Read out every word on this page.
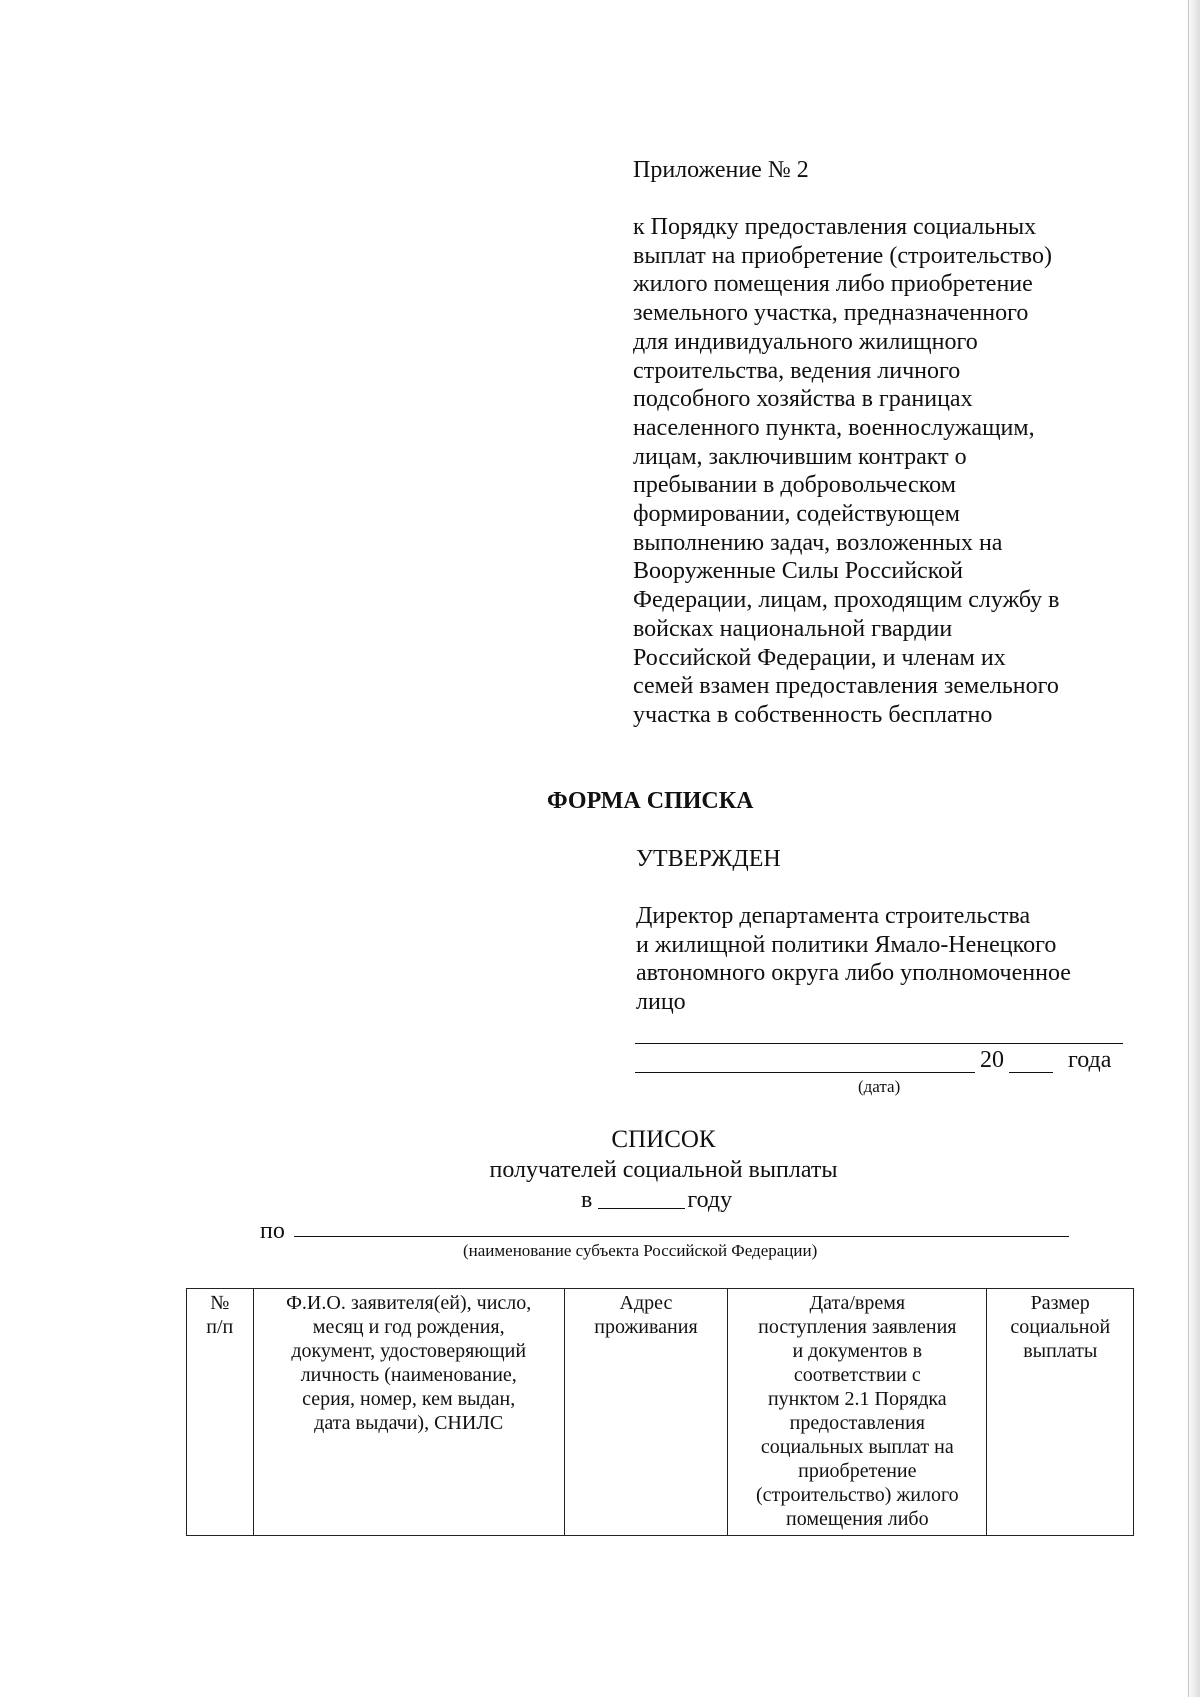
Приложение № 2
к Порядку предоставления социальных
выплат на приобретение (строительство)
жилого помещения либо приобретение
земельного участка, предназначенного
для индивидуального жилищного
строительства, ведения личного
подсобного хозяйства в границах
населенного пункта, военнослужащим,
лицам, заключившим контракт о
пребывании в добровольческом
формировании, содействующем
выполнению задач, возложенных на
Вооруженные Силы Российской
Федерации, лицам, проходящим службу в
войсках национальной гвардии
Российской Федерации, и членам их
семей взамен предоставления земельного
участка в собственность бесплатно
ФОРМА СПИСКА
УТВЕРЖДЕН
Директор департамента строительства
и жилищной политики Ямало-Ненецкого
автономного округа либо уполномоченное
лицо
20	года
(дата)
СПИСОК
получателей социальной выплаты
в	году
по
(наименование субъекта Российской Федерации)
№
п/п

Ф.И.О. заявителя(ей), число,
месяц и год рождения,
документ, удостоверяющий
личность (наименование,
серия, номер, кем выдан,
дата выдачи), СНИЛС

Адрес
проживания

Дата/время
поступления заявления
и документов в
соответствии с
пунктом 2.1 Порядка
предоставления
социальных выплат на
приобретение
(строительство) жилого
помещения либо

Размер
социальной
выплаты
